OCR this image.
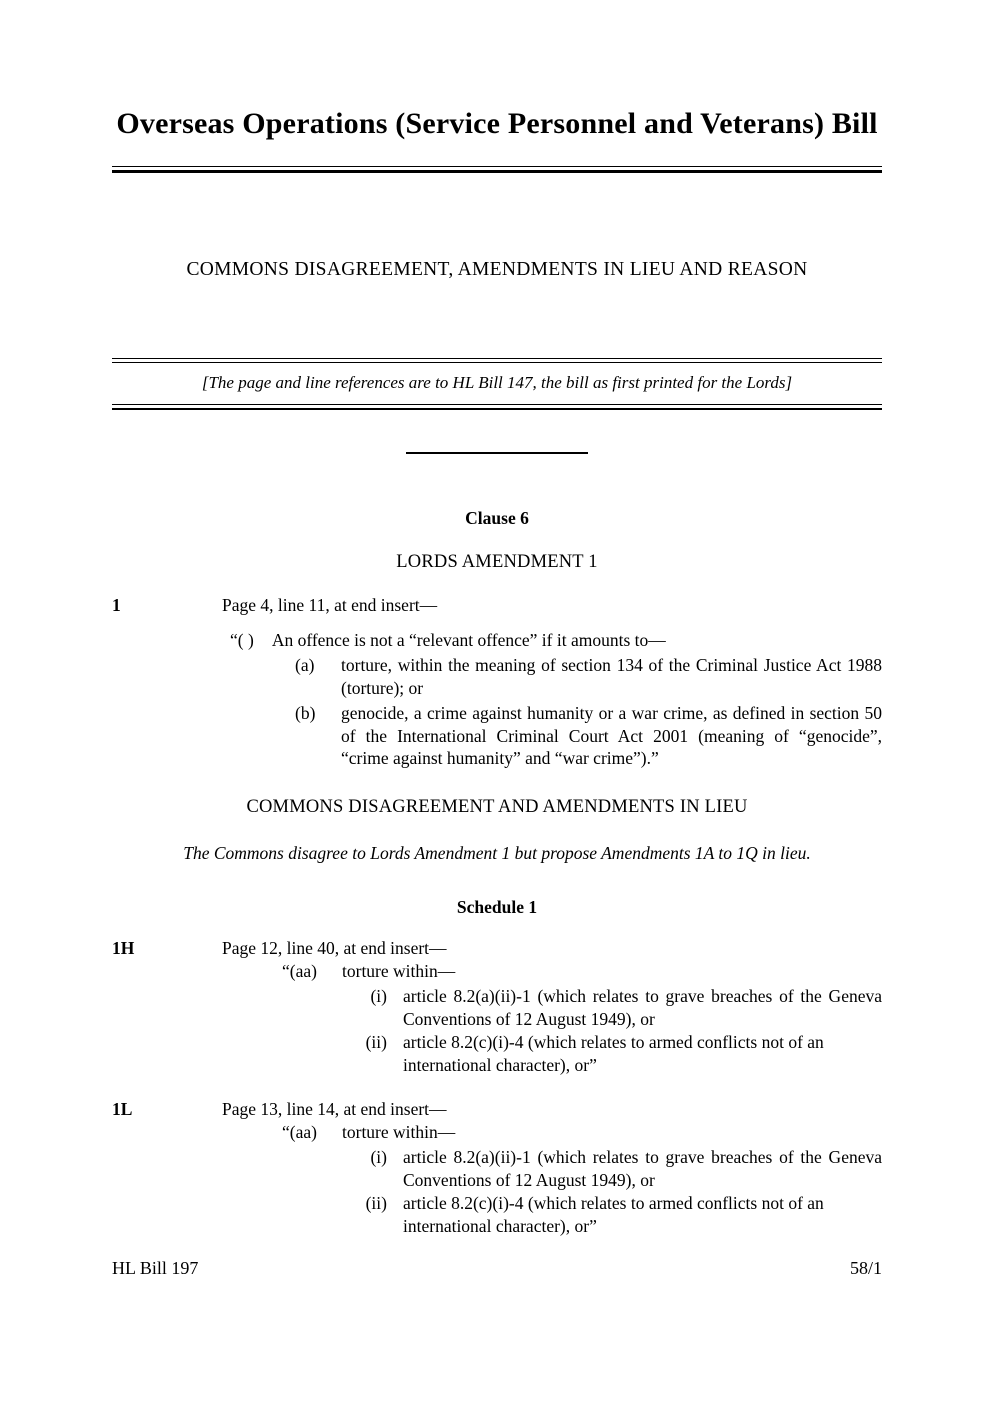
Overseas Operations (Service Personnel and Veterans) Bill
COMMONS DISAGREEMENT, AMENDMENTS IN LIEU AND REASON
[The page and line references are to HL Bill 147, the bill as first printed for the Lords]
Clause 6
LORDS AMENDMENT 1
1	Page 4, line 11, at end insert—
“( ) An offence is not a “relevant offence” if it amounts to—
(a)	torture, within the meaning of section 134 of the Criminal Justice Act 1988 (torture); or
(b)	genocide, a crime against humanity or a war crime, as defined in section 50 of the International Criminal Court Act 2001 (meaning of “genocide”, “crime against humanity” and “war crime”).”
COMMONS DISAGREEMENT AND AMENDMENTS IN LIEU
The Commons disagree to Lords Amendment 1 but propose Amendments 1A to 1Q in lieu.
Schedule 1
1H	Page 12, line 40, at end insert—
“(aa)	torture within—
(i) article 8.2(a)(ii)-1 (which relates to grave breaches of the Geneva Conventions of 12 August 1949), or
(ii) article 8.2(c)(i)-4 (which relates to armed conflicts not of an international character), or”
1L	Page 13, line 14, at end insert—
“(aa)	torture within—
(i) article 8.2(a)(ii)-1 (which relates to grave breaches of the Geneva Conventions of 12 August 1949), or
(ii) article 8.2(c)(i)-4 (which relates to armed conflicts not of an international character), or”
HL Bill 197	58/1
